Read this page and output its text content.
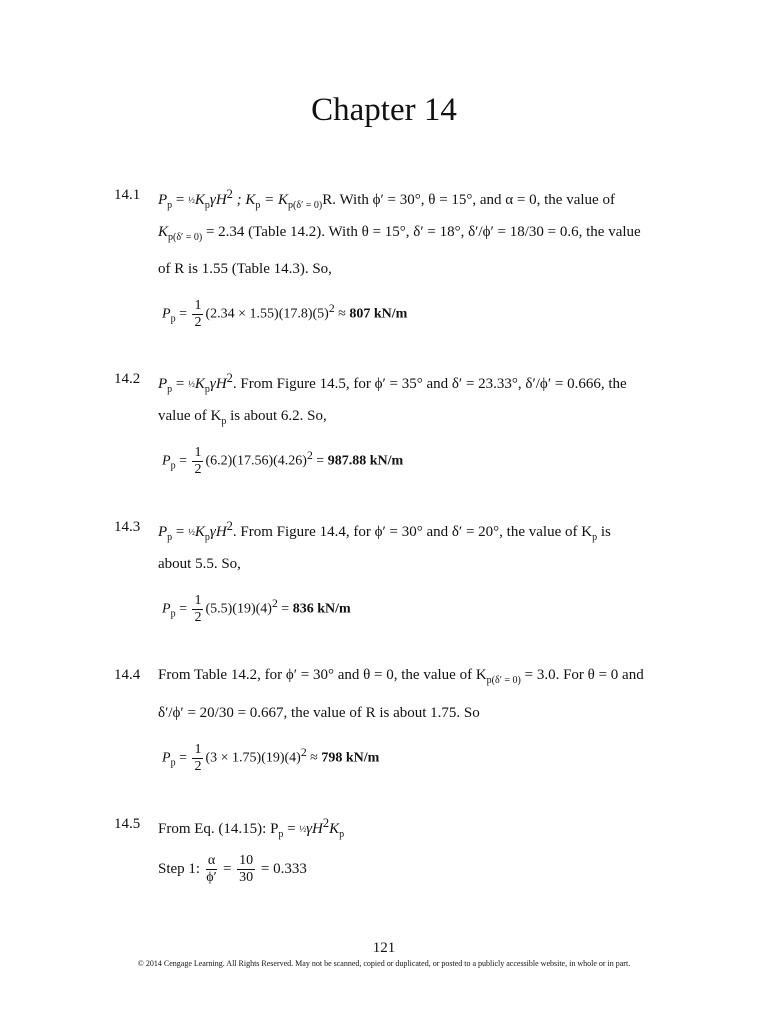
Chapter 14
14.1 $P_p$ = $\frac{1}{2}K_p\gamma H^2$ ; $K_p = K_{p(\delta' = 0)}R$. With ϕ′ = 30°, θ = 15°, and α = 0, the value of
$K_{p(\delta' = 0)} = 2.34$ (Table 14.2). With θ = 15°, δ′ = 18°, δ′/ϕ′ = 18/30 = 0.6, the value
of R is 1.55 (Table 14.3). So,
$P_p = \frac{1}{2} (2.34 \times 1.55)(17.8)(5)^2 \approx 807$ kN/m
14.2 $P_p$ = $\frac{1}{2}K_p\gamma H^2$. From Figure 14.5, for ϕ′ = 35° and δ′ = 23.33°, δ′/ϕ′ = 0.666, the
value of $K_p$ is about 6.2. So,
$P_p = \frac{1}{2} (6.2)(17.56)(4.26)^2 = 987.88$ kN/m
14.3 $P_p$ = $\frac{1}{2}K_p\gamma H^2$. From Figure 14.4, for ϕ′ = 30° and δ′ = 20°, the value of $K_p$ is
about 5.5. So,
$P_p = \frac{1}{2} (5.5)(19)(4)^2 = 836$ kN/m
14.4 From Table 14.2, for ϕ′ = 30° and θ = 0, the value of $K_{p(\delta' = 0)} = 3.0$. For θ = 0 and
δ′/ϕ′ = 20/30 = 0.667, the value of R is about 1.75. So
$P_p = \frac{1}{2} (3 \times 1.75)(19)(4)^2 \approx 798$ kN/m
14.5 From Eq. (14.15): $P_p$ = $\frac{1}{2}\gamma H^2K_p$
Step 1: $\frac{\alpha}{\phi'} = \frac{10}{30} = 0.333$
121
© 2014 Cengage Learning. All Rights Reserved. May not be scanned, copied or duplicated, or posted to a publicly accessible website, in whole or in part.
